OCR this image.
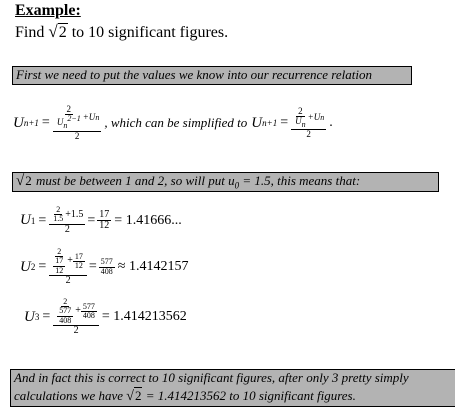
Example:
Find √2 to 10 significant figures.
First we need to put the values we know into our recurrence relation
U $n+1 = \frac{\frac{2}{U_n^{2-1}} +U n}{2}$ , which can be simplified to U $n+1 = \frac{\frac{2}{U_n} +U n}{2}$ .
√2 must be between 1 and 2, so will put $u_0 = 1.5$, this means that:
U $1 = \frac{\frac{2}{1.5} +1.5}{2} = \frac{17}{12} = 1.41666$...
U $2 = \frac{\frac{2}{\frac{17}{12}} + \frac{17}{12}}{2} = \frac{577}{408} \approx 1.4142157$
U $3 = \frac{\frac{2}{\frac{577}{408}} + \frac{577}{408}}{2} = 1.414213562$
And in fact this is correct to 10 significant figures, after only 3 pretty simply
calculations we have √2 = 1.414213562 to 10 significant figures.
